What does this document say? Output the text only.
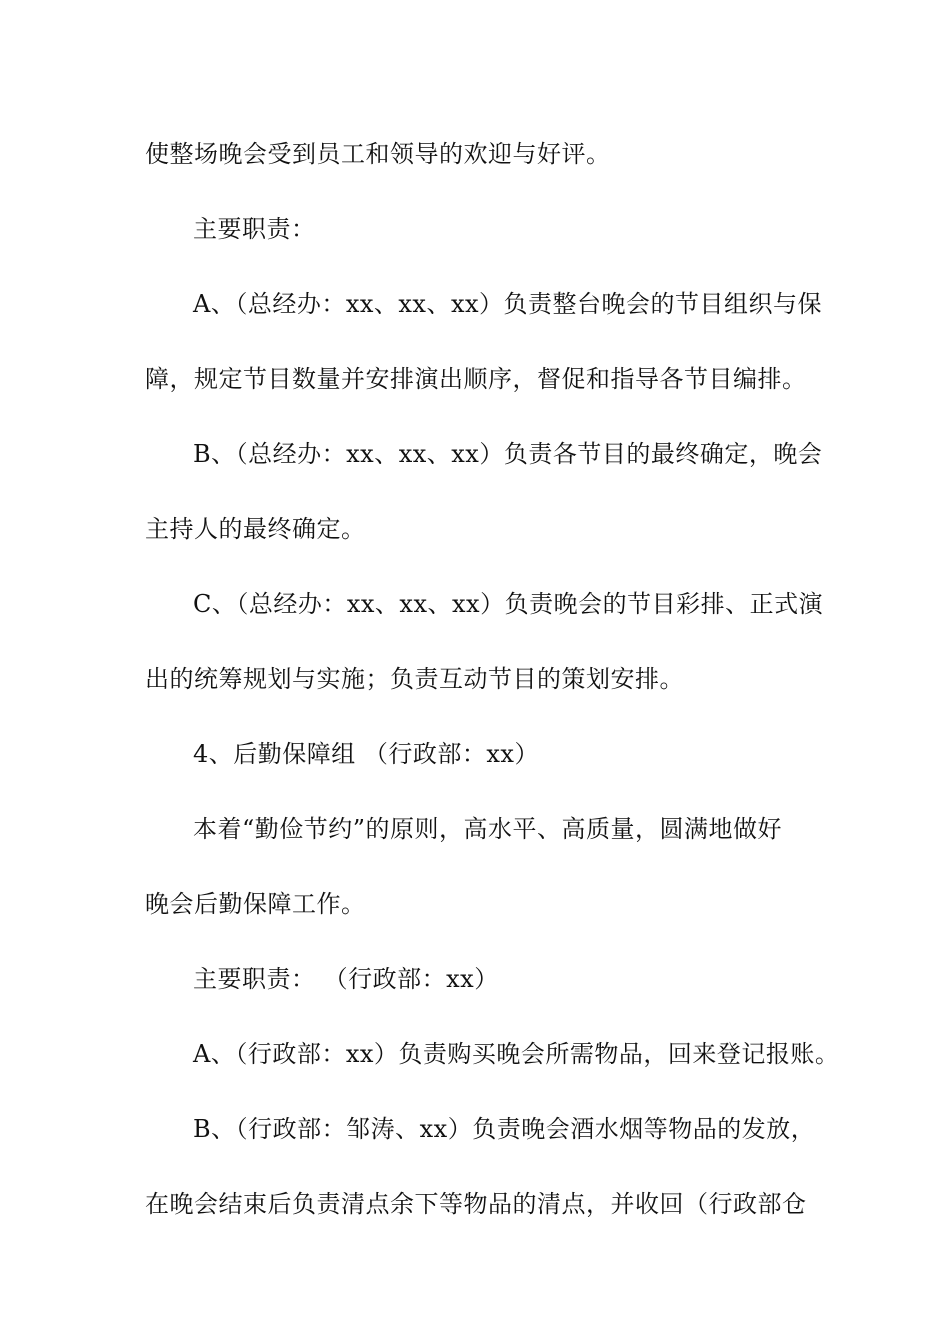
使整场晚会受到员工和领导的欢迎与好评。
主要职责：
A、（总经办：xx、xx、xx）负责整台晚会的节目组织与保
障，规定节目数量并安排演出顺序，督促和指导各节目编排。
B、（总经办：xx、xx、xx）负责各节目的最终确定，晚会
主持人的最终确定。
C、（总经办：xx、xx、xx）负责晚会的节目彩排、正式演
出的统筹规划与实施；负责互动节目的策划安排。
4、后勤保障组 （行政部：xx）
本着“勤俭节约”的原则，高水平、高质量，圆满地做好
晚会后勤保障工作。
主要职责： （行政部：xx）
A、（行政部：xx）负责购买晚会所需物品，回来登记报账。
B、（行政部：邹涛、xx）负责晚会酒水烟等物品的发放，
在晚会结束后负责清点余下等物品的清点，并收回（行政部仓
